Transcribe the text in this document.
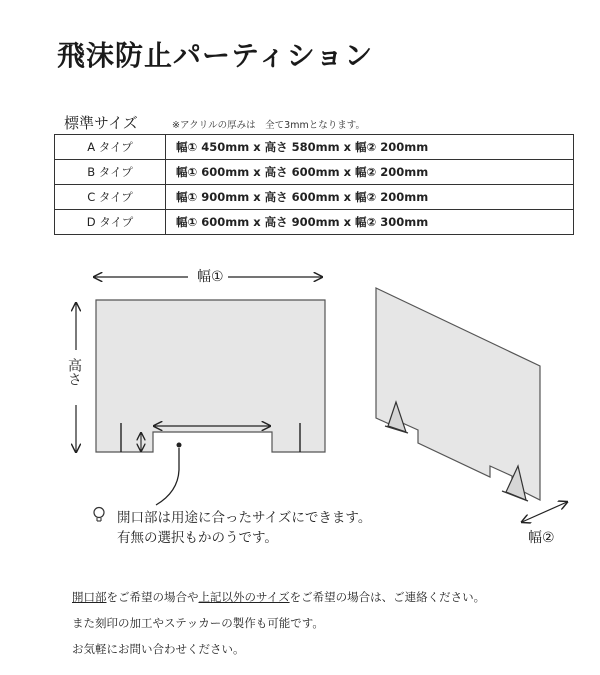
飛沫防止パーティション
標準サイズ	※アクリルの厚みは　全て3mmとなります。
A タイプ	幅① 450mm x 高さ 580mm x 幅② 200mm
B タイプ	幅① 600mm x 高さ 600mm x 幅② 200mm
C タイプ	幅① 900mm x 高さ 600mm x 幅② 200mm
D タイプ	幅① 600mm x 高さ 900mm x 幅② 300mm
幅①
高さ
幅②
開口部は用途に合ったサイズにできます。
有無の選択もかのうです。
開口部をご希望の場合や上記以外のサイズをご希望の場合は、ご連絡ください。
また刻印の加工やステッカーの製作も可能です。
お気軽にお問い合わせください。
